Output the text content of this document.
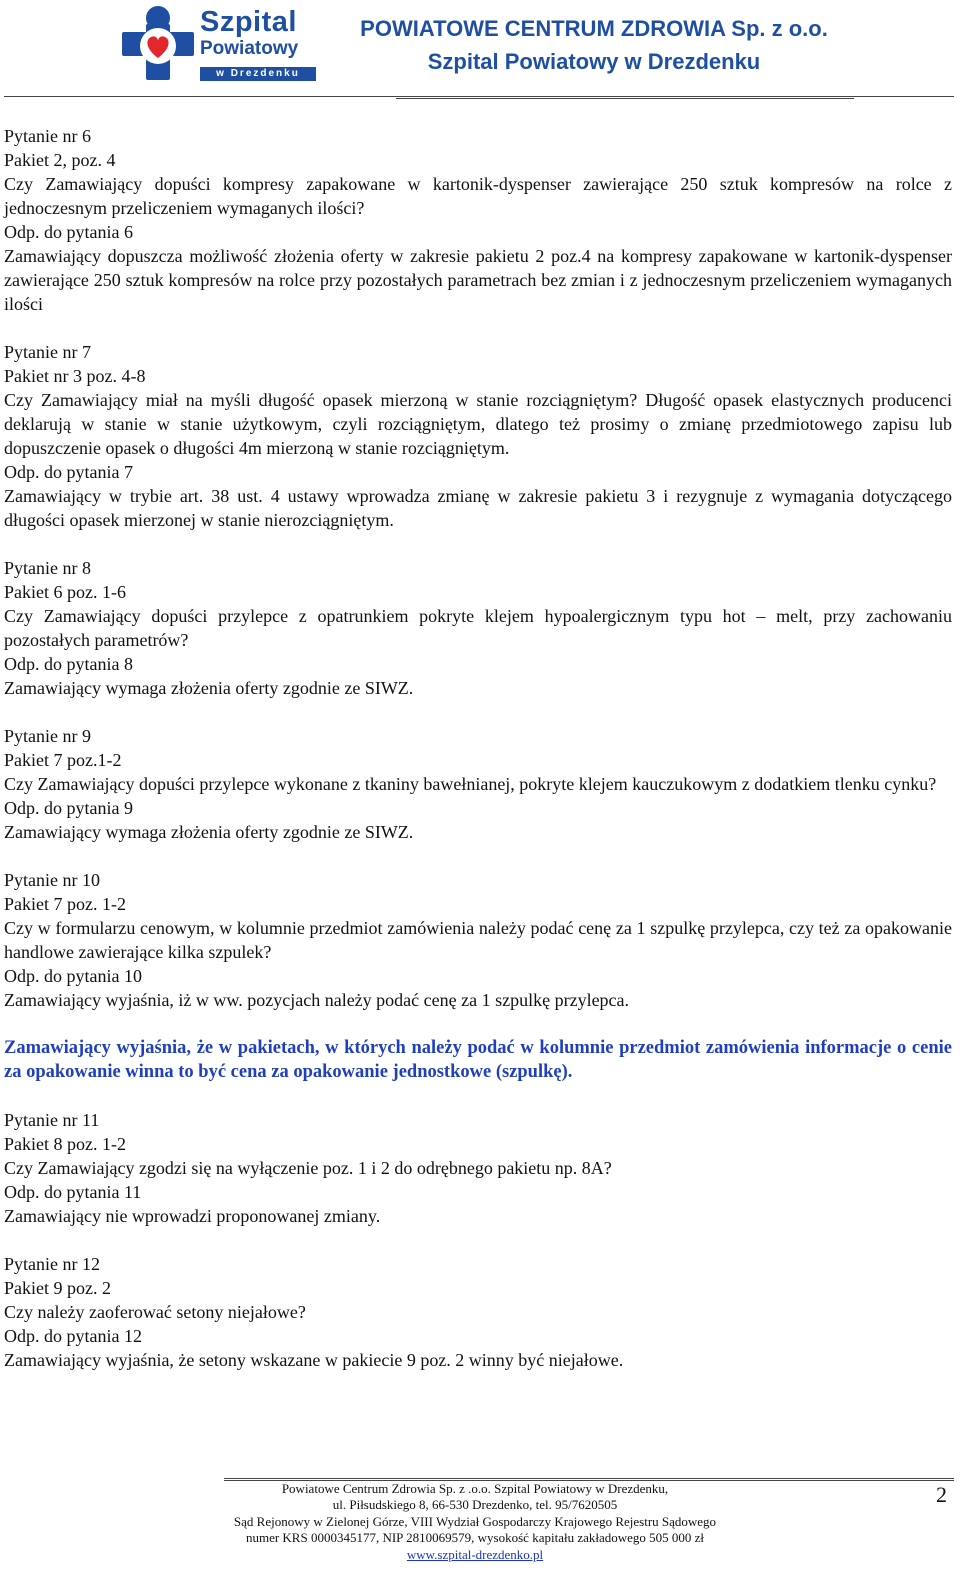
Szpital
Powiatowy
w Drezdenku
POWIATOWE CENTRUM ZDROWIA Sp. z o.o.
Szpital Powiatowy w Drezdenku

Pytanie nr 6

Pakiet 2, poz. 4

Czy Zamawiający dopuści kompresy zapakowane w kartonik-dyspenser zawierające 250 sztuk kompresów na rolce z jednoczesnym przeliczeniem wymaganych ilości?

Odp. do pytania 6

Zamawiający dopuszcza możliwość złożenia oferty w zakresie pakietu 2 poz.4 na kompresy zapakowane w kartonik-dyspenser zawierające 250 sztuk kompresów na rolce przy pozostałych parametrach bez zmian i z jednoczesnym przeliczeniem wymaganych ilości

Pytanie nr 7

Pakiet nr 3 poz. 4-8

Czy Zamawiający miał na myśli długość opasek mierzoną w stanie rozciągniętym? Długość opasek elastycznych producenci deklarują w stanie w stanie użytkowym, czyli rozciągniętym, dlatego też prosimy o zmianę przedmiotowego zapisu lub dopuszczenie opasek o długości 4m mierzoną w stanie rozciągniętym.

Odp. do pytania 7

Zamawiający w trybie art. 38 ust. 4 ustawy wprowadza zmianę w zakresie pakietu 3 i rezygnuje z wymagania dotyczącego długości opasek mierzonej w stanie nierozciągniętym.

Pytanie nr 8

Pakiet 6 poz. 1-6

Czy Zamawiający dopuści przylepce z opatrunkiem pokryte klejem hypoalergicznym typu hot – melt, przy zachowaniu pozostałych parametrów?

Odp. do pytania 8

Zamawiający wymaga złożenia oferty zgodnie ze SIWZ.

Pytanie nr 9

Pakiet 7 poz.1-2

Czy Zamawiający dopuści przylepce wykonane z tkaniny bawełnianej, pokryte klejem kauczukowym z dodatkiem tlenku cynku?

Odp. do pytania 9

Zamawiający wymaga złożenia oferty zgodnie ze SIWZ.

Pytanie nr 10

Pakiet 7 poz. 1-2

Czy w formularzu cenowym, w kolumnie przedmiot zamówienia należy podać cenę za 1 szpulkę przylepca, czy też za opakowanie handlowe zawierające kilka szpulek?

Odp. do pytania 10

Zamawiający wyjaśnia, iż w ww. pozycjach należy podać cenę za 1 szpulkę przylepca.

Zamawiający wyjaśnia, że w pakietach, w których należy podać w kolumnie przedmiot zamówienia informacje o cenie za opakowanie winna to być cena za opakowanie jednostkowe (szpulkę).

Pytanie nr 11

Pakiet 8 poz. 1-2

Czy Zamawiający zgodzi się na wyłączenie poz. 1 i 2 do odrębnego pakietu np. 8A?

Odp. do pytania 11

Zamawiający nie wprowadzi proponowanej zmiany.

Pytanie nr 12

Pakiet 9 poz. 2

Czy należy zaoferować setony niejałowe?

Odp. do pytania 12

Zamawiający wyjaśnia, że setony wskazane w pakiecie 9 poz. 2 winny być niejałowe.

Powiatowe Centrum Zdrowia Sp. z .o.o. Szpital Powiatowy w Drezdenku,
ul. Piłsudskiego 8, 66-530 Drezdenko, tel. 95/7620505
Sąd Rejonowy w Zielonej Górze, VIII Wydział Gospodarczy Krajowego Rejestru Sądowego
numer KRS 0000345177, NIP 2810069579, wysokość kapitału zakładowego 505 000 zł
www.szpital-drezdenko.pl
2
